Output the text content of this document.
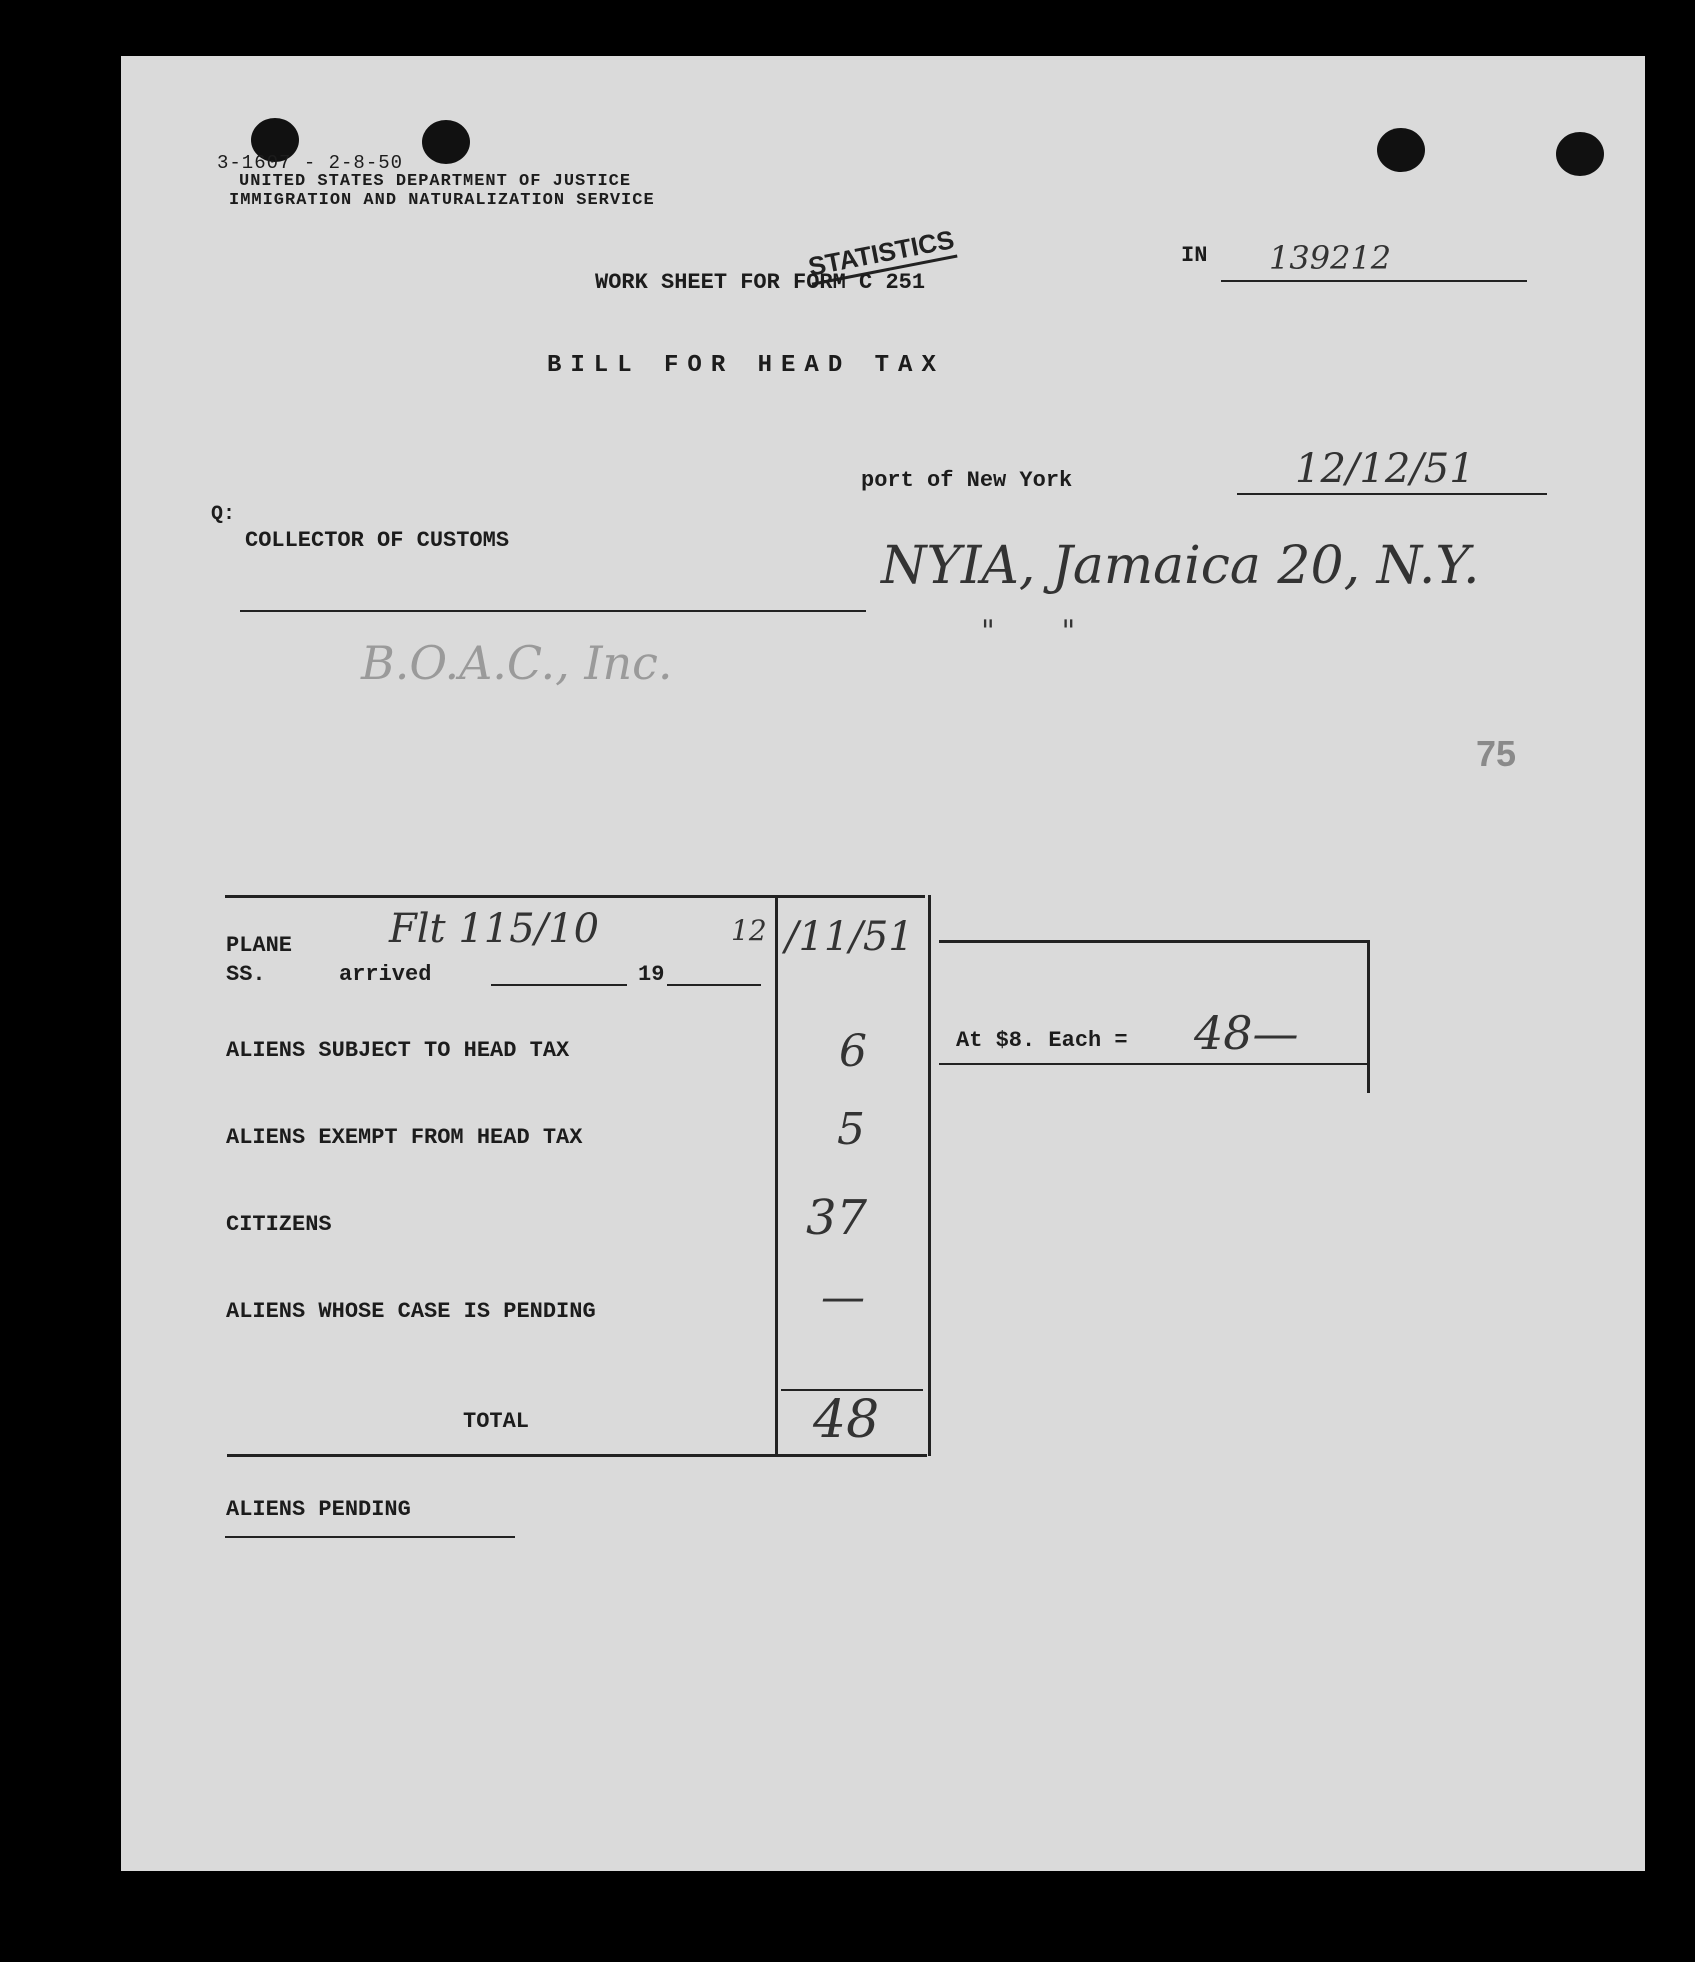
3-1607 - 2-8-50
UNITED STATES DEPARTMENT OF JUSTICE
IMMIGRATION AND NATURALIZATION SERVICE
STATISTICS
WORK SHEET FOR FORM C 251
IN 139212
BILL FOR HEAD TAX
port of New York	12/12/51
Q:
COLLECTOR OF CUSTOMS	NYIA, Jamaica 20, N.Y.
"       "
B.O.A.C., Inc.
75
PLANE
SS.	arrived	19
Flt 115/10	12 /11/51
ALIENS SUBJECT TO HEAD TAX	6
ALIENS EXEMPT FROM HEAD TAX	5
CITIZENS	37
ALIENS WHOSE CASE IS PENDING	—
TOTAL	48
At $8. Each = 48—
ALIENS PENDING
